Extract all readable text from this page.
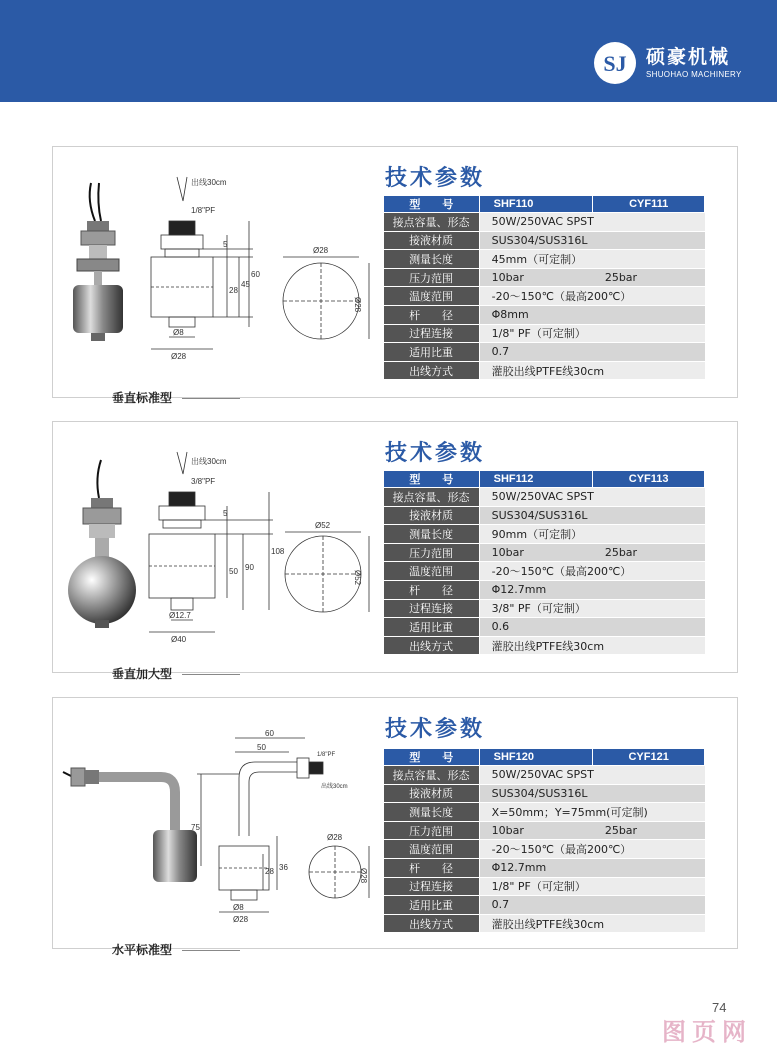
SJ 硕豪机械
SHUOHAO MACHINERY
出线30cm
1/8"PF
5
28
45
60
Ø8
Ø28
Ø28
Ø28
技术参数
型　　号	SHF110	CYF111
接点容量、形态	50W/250VAC SPST	
接液材质	SUS304/SUS316L	
测量长度	45mm（可定制）	
压力范围	10bar	25bar
温度范围	-20～150℃（最高200℃）	
杆　　径	Φ8mm	
过程连接	1/8" PF（可定制）	
适用比重	0.7	
出线方式	灌胶出线PTFE线30cm	
垂直标准型
出线30cm
3/8"PF
5
50 90
108
Ø12.7
Ø40
Ø52
Ø52
技术参数
型　　号	SHF112	CYF113
接点容量、形态	50W/250VAC SPST	
接液材质	SUS304/SUS316L	
测量长度	90mm（可定制）	
压力范围	10bar	25bar
温度范围	-20～150℃（最高200℃）	
杆　　径	Φ12.7mm	
过程连接	3/8" PF（可定制）	
适用比重	0.6	
出线方式	灌胶出线PTFE线30cm	
垂直加大型
60
50
1/8"PF
出线30cm
75
36
28
Ø8
Ø28
Ø28
Ø28
技术参数
型　　号	SHF120	CYF121
接点容量、形态	50W/250VAC SPST	
接液材质	SUS304/SUS316L	
测量长度	X=50mm；Y=75mm(可定制)	
压力范围	10bar	25bar
温度范围	-20～150℃（最高200℃）	
杆　　径	Φ12.7mm	
过程连接	1/8" PF（可定制）	
适用比重	0.7	
出线方式	灌胶出线PTFE线30cm	
水平标准型
74
图页网
